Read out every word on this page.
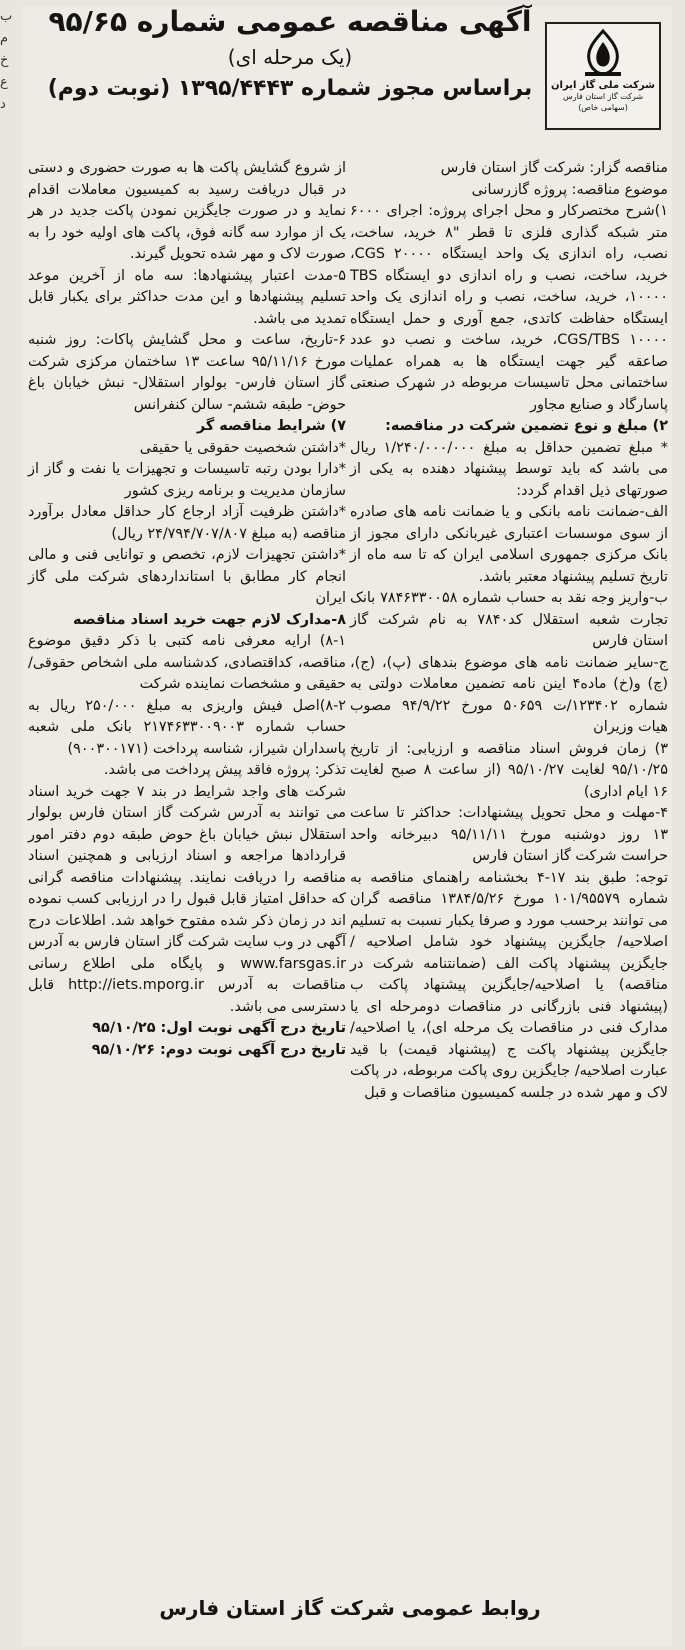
ب
م
خ
ع
د
آگهی مناقصه عمومی شماره ۹۵/۶۵
(یک مرحله ای)
براساس مجوز شماره ۱۳۹۵/۴۴۴۳ (نوبت دوم)	شرکت ملی گاز ایران
شرکت گاز استان فارس
(سهامی خاص)

مناقصه گزار: شرکت گاز استان فارس

موضوع مناقصه: پروژه گازرسانی

۱)شرح مختصرکار و محل اجرای پروژه: اجرای ۶۰۰۰ متر شبکه گذاری فلزی تا قطر "۸ خرید، ساخت، نصب، راه اندازی یک واحد ایستگاه CGS ۲۰۰۰۰، خرید، ساخت، نصب و راه اندازی دو ایستگاه TBS ۱۰۰۰۰، خرید، ساخت، نصب و راه اندازی یک واحد ایستگاه حفاظت کاتدی، جمع آوری و حمل ایستگاه CGS/TBS ۱۰۰۰۰، خرید، ساخت و نصب دو عدد صاعقه گیر جهت ایستگاه ها به همراه عملیات ساختمانی محل تاسیسات مربوطه در شهرک صنعتی پاسارگاد و صنایع مجاور

۲) مبلغ و نوع تضمین شرکت در مناقصه:

* مبلغ تضمین حداقل به مبلغ ۱/۲۴۰/۰۰۰/۰۰۰ ریال می باشد که باید توسط پیشنهاد دهنده به یکی از صورتهای ذیل اقدام گردد:

الف-ضمانت نامه بانکی و یا ضمانت نامه های صادره از سوی موسسات اعتباری غیربانکی دارای مجوز از بانک مرکزی جمهوری اسلامی ایران که تا سه ماه از تاریخ تسلیم پیشنهاد معتبر باشد.

ب-واریز وجه نقد به حساب شماره ۷۸۴۶۳۳۰۰۵۸ بانک تجارت شعبه استقلال کد۷۸۴۰ به نام شرکت گاز استان فارس

ج-سایر ضمانت نامه های موضوع بندهای (پ)، (ج)، (چ) و(خ) ماده۴ اینن نامه تضمین معاملات دولتی به شماره ۱۲۳۴۰۲/ت ۵۰۶۵۹ مورخ ۹۴/۹/۲۲ مصوب هیات وزیران

۳) زمان فروش اسناد مناقصه و ارزیابی: از تاریخ ۹۵/۱۰/۲۵ لغایت ۹۵/۱۰/۲۷ (از ساعت ۸ صبح لغایت ۱۶ ایام اداری)

۴-مهلت و محل تحویل پیشنهادات: حداکثر تا ساعت ۱۳ روز دوشنبه مورخ ۹۵/۱۱/۱۱ دبیرخانه واحد حراست شرکت گاز استان فارس

توجه: طبق بند ۱۷-۴ بخشنامه راهنمای مناقصه به شماره ۱۰۱/۹۵۵۷۹ مورخ ۱۳۸۴/۵/۲۶ مناقصه گران می توانند برحسب مورد و صرفا یکبار نسبت به تسلیم اصلاحیه/ جایگزین پیشنهاد خود شامل اصلاحیه /جایگزین پیشنهاد پاکت الف (ضمانتنامه شرکت در مناقصه) یا اصلاحیه/جایگزین پیشنهاد پاکت ب (پیشنهاد فنی بازرگانی در مناقصات دومرحله ای یا مدارک فنی در مناقصات یک مرحله ای)، یا اصلاحیه/جایگزین پیشنهاد پاکت ج (پیشنهاد قیمت) با قید عبارت اصلاحیه/ جایگزین روی پاکت مربوطه، در پاکت لاک و مهر شده در جلسه کمیسیون مناقصات و قبل

از شروع گشایش پاکت ها به صورت حضوری و دستی در قبال دریافت رسید به کمیسیون معاملات اقدام نماید و در صورت جایگزین نمودن پاکت جدید در هر یک از موارد سه گانه فوق، پاکت های اولیه خود را به صورت لاک و مهر شده تحویل گیرند.

۵-مدت اعتبار پیشنهادها: سه ماه از آخرین موعد تسلیم پیشنهادها و این مدت حداکثر برای یکبار قابل تمدید می باشد.

۶-تاریخ، ساعت و محل گشایش پاکات: روز شنبه مورخ ۹۵/۱۱/۱۶ ساعت ۱۳ ساختمان مرکزی شرکت گاز استان فارس- بولوار استقلال- نبش خیابان باغ حوض- طبقه ششم- سالن کنفرانس

۷) شرایط مناقصه گر

*داشتن شخصیت حقوقی یا حقیقی

*دارا بودن رتبه تاسیسات و تجهیزات یا نفت و گاز از سازمان مدیریت و برنامه ریزی کشور

*داشتن ظرفیت آزاد ارجاع کار حداقل معادل برآورد مناقصه (به مبلغ ۲۴/۷۹۴/۷۰۷/۸۰۷ ریال)

*داشتن تجهیزات لازم، تخصص و توانایی فنی و مالی انجام کار مطابق با استانداردهای شرکت ملی گاز ایران

۸-مدارک لازم جهت خرید اسناد مناقصه

۸-۱) ارایه معرفی نامه کتبی با ذکر دقیق موضوع مناقصه، کداقتصادی، کدشناسه ملی اشخاص حقوقی/حقیقی و مشخصات نماینده شرکت

۸-۲)اصل فیش واریزی به مبلغ ۲۵۰/۰۰۰ ریال به حساب شماره ۲۱۷۴۶۳۳۰۰۹۰۰۳ بانک ملی شعبه پاسداران شیراز، شناسه پرداخت (۹۰۰۳۰۰۱۷۱)

تذکر: پروژه فاقد پیش پرداخت می باشد.

شرکت های واجد شرایط در بند ۷ جهت خرید اسناد می توانند به آدرس شرکت گاز استان فارس بولوار استقلال نبش خیابان باغ حوض طبقه دوم دفتر امور قراردادها مراجعه و اسناد ارزیابی و همچنین اسناد مناقصه را دریافت نمایند. پیشنهادات مناقصه گرانی که حداقل امتیاز قابل قبول را در ارزیابی کسب نموده اند در زمان ذکر شده مفتوح خواهد شد. اطلاعات درج آگهی در وب سایت شرکت گاز استان فارس به آدرس www.farsgas.ir و پایگاه ملی اطلاع رسانی مناقصات به آدرس http://iets.mporg.ir قابل دسترسی می باشد.

تاریخ درج آگهی نوبت اول: ۹۵/۱۰/۲۵

تاریخ درج آگهی نوبت دوم: ۹۵/۱۰/۲۶

روابط عمومی شرکت گاز استان فارس
